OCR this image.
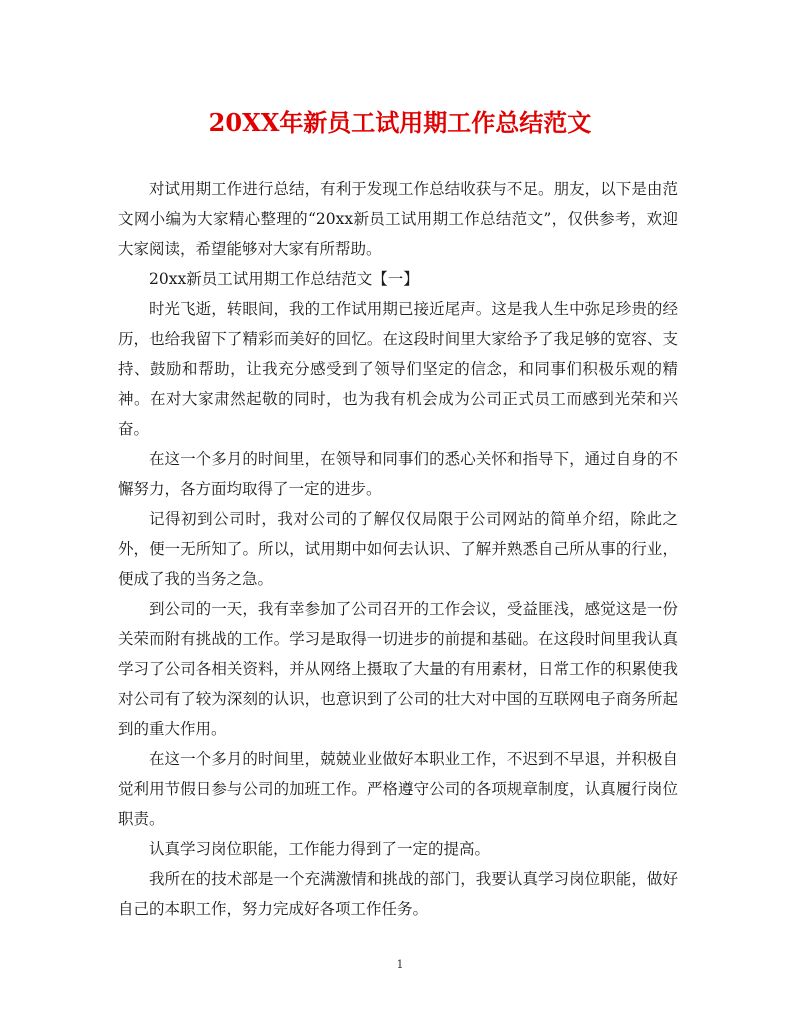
20XX年新员工试用期工作总结范文

对试用期工作进行总结，有利于发现工作总结收获与不足。朋友，以下是由范文网小编为大家精心整理的“20xx新员工试用期工作总结范文”，仅供参考，欢迎大家阅读，希望能够对大家有所帮助。

20xx新员工试用期工作总结范文【一】

时光飞逝，转眼间，我的工作试用期已接近尾声。这是我人生中弥足珍贵的经历，也给我留下了精彩而美好的回忆。在这段时间里大家给予了我足够的宽容、支持、鼓励和帮助，让我充分感受到了领导们坚定的信念，和同事们积极乐观的精神。在对大家肃然起敬的同时，也为我有机会成为公司正式员工而感到光荣和兴奋。

在这一个多月的时间里，在领导和同事们的悉心关怀和指导下，通过自身的不懈努力，各方面均取得了一定的进步。

记得初到公司时，我对公司的了解仅仅局限于公司网站的简单介绍，除此之外，便一无所知了。所以，试用期中如何去认识、了解并熟悉自己所从事的行业，便成了我的当务之急。

到公司的一天，我有幸参加了公司召开的工作会议，受益匪浅，感觉这是一份关荣而附有挑战的工作。学习是取得一切进步的前提和基础。在这段时间里我认真学习了公司各相关资料，并从网络上摄取了大量的有用素材，日常工作的积累使我对公司有了较为深刻的认识，也意识到了公司的壮大对中国的互联网电子商务所起到的重大作用。

在这一个多月的时间里，兢兢业业做好本职业工作，不迟到不早退，并积极自觉利用节假日参与公司的加班工作。严格遵守公司的各项规章制度，认真履行岗位职责。

认真学习岗位职能，工作能力得到了一定的提高。

我所在的技术部是一个充满激情和挑战的部门，我要认真学习岗位职能，做好自己的本职工作，努力完成好各项工作任务。

1
